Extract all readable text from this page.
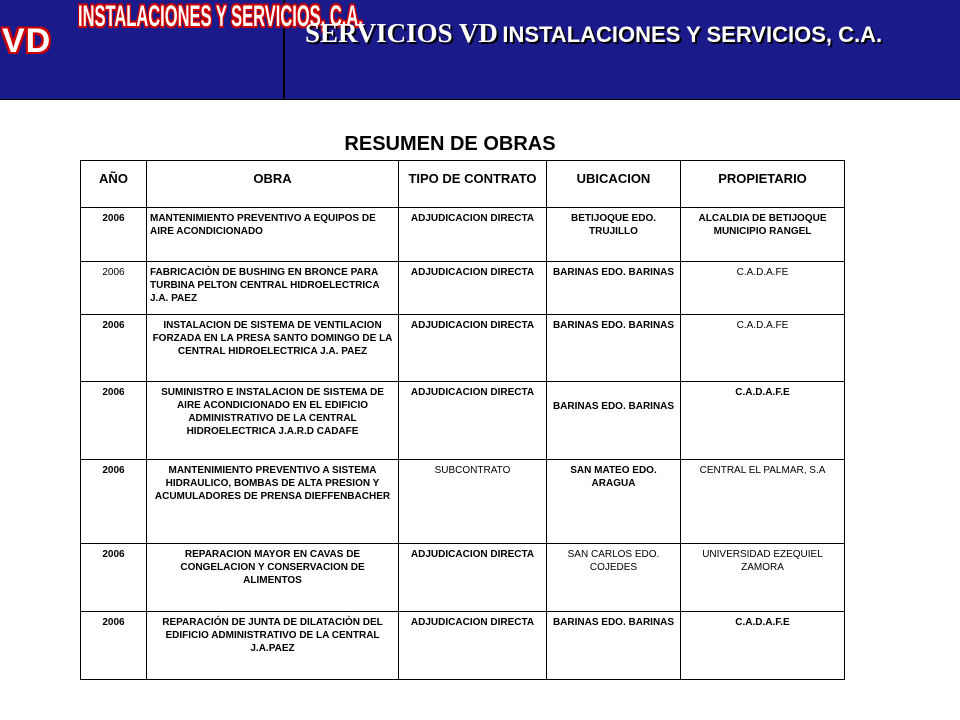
VD
INSTALACIONES Y SERVICIOS, C.A.
SERVICIOS VD INSTALACIONES Y SERVICIOS, C.A.
RESUMEN DE OBRAS
AÑO	OBRA	TIPO DE CONTRATO	UBICACION	PROPIETARIO
2006	MANTENIMIENTO PREVENTIVO A EQUIPOS DE AIRE ACONDICIONADO	ADJUDICACION DIRECTA	BETIJOQUE EDO. TRUJILLO	ALCALDIA DE BETIJOQUE MUNICIPIO RANGEL
2006	FABRICACIÒN DE BUSHING EN BRONCE PARA TURBINA PELTON CENTRAL HIDROELECTRICA J.A. PAEZ	ADJUDICACION DIRECTA	BARINAS EDO. BARINAS	C.A.D.A.FE
2006	INSTALACION DE SISTEMA DE VENTILACION FORZADA EN LA PRESA SANTO DOMINGO DE LA CENTRAL HIDROELECTRICA J.A. PAEZ	ADJUDICACION DIRECTA	BARINAS EDO. BARINAS	C.A.D.A.FE
2006	SUMINISTRO E INSTALACION DE SISTEMA DE AIRE ACONDICIONADO EN EL EDIFICIO ADMINISTRATIVO DE LA CENTRAL HIDROELECTRICA J.A.R.D CADAFE	ADJUDICACION DIRECTA	BARINAS EDO. BARINAS	C.A.D.A.F.E
2006	MANTENIMIENTO PREVENTIVO A SISTEMA HIDRAULICO, BOMBAS DE ALTA PRESION Y ACUMULADORES DE PRENSA DIEFFENBACHER	SUBCONTRATO	SAN MATEO EDO. ARAGUA	CENTRAL EL PALMAR, S.A
2006	REPARACION MAYOR EN CAVAS DE CONGELACION Y CONSERVACION DE ALIMENTOS	ADJUDICACION DIRECTA	SAN CARLOS EDO. COJEDES	UNIVERSIDAD EZEQUIEL ZAMORA
2006	REPARACIÓN DE JUNTA DE DILATACIÒN DEL EDIFICIO ADMINISTRATIVO DE LA CENTRAL J.A.PAEZ	ADJUDICACION DIRECTA	BARINAS EDO. BARINAS	C.A.D.A.F.E
